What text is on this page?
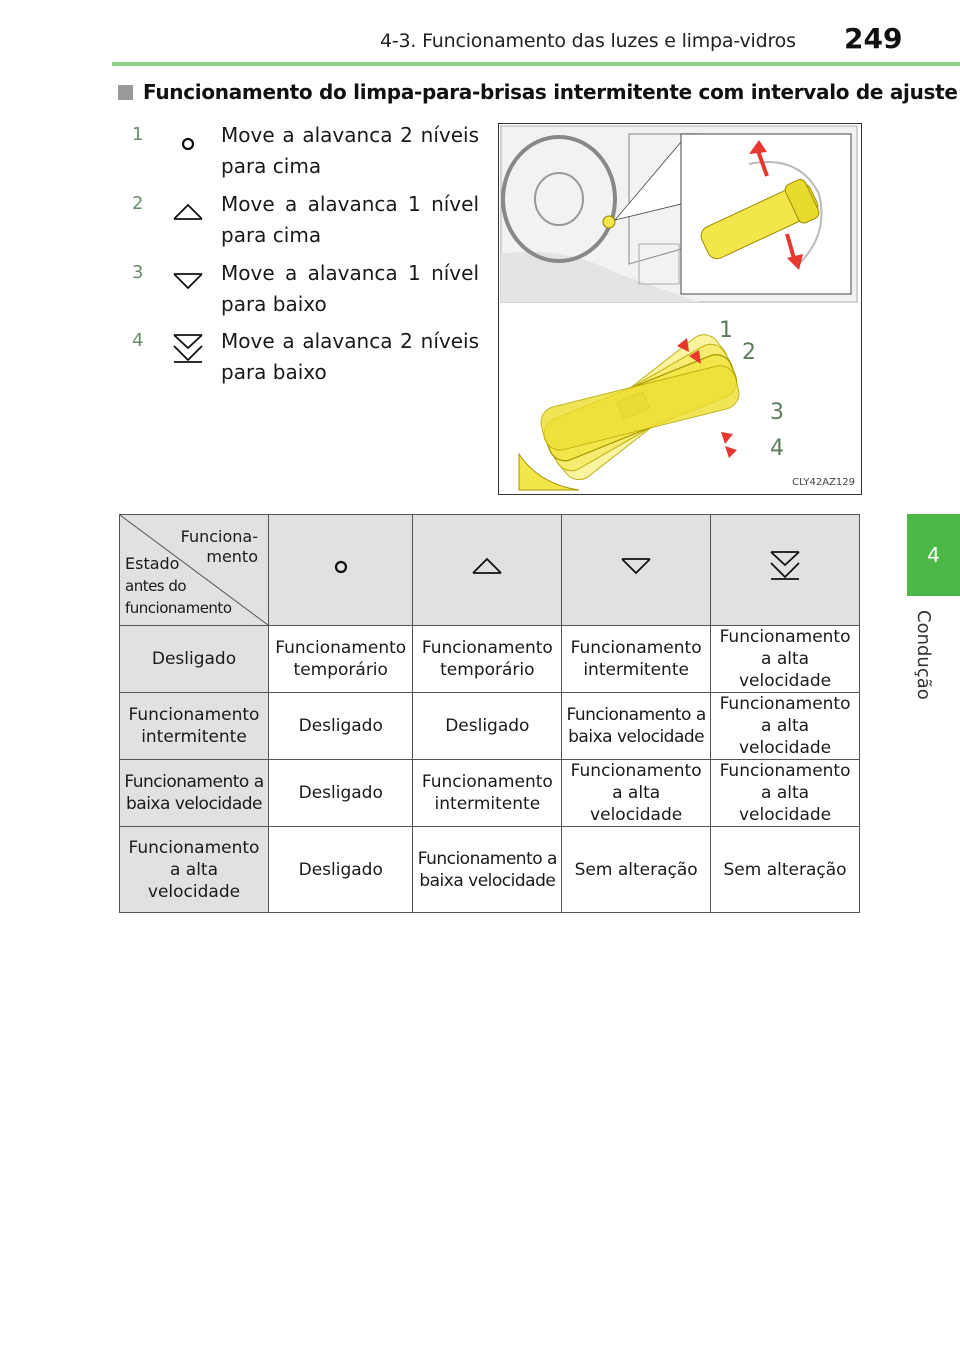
4-3. Funcionamento das luzes e limpa-vidros 249
4
Condução
Funcionamento do limpa-para-brisas intermitente com intervalo de ajuste
1	Move a alavanca 2 níveis para cima
2	Move a alavanca 1 nível para cima
3	Move a alavanca 1 nível para baixo
4	Move a alavanca 2 níveis para baixo
1
2
3
4
CLY42AZ129
Funciona-
mento
Estado
antes do
funcionamento

Desligado	Funcionamento temporário	Funcionamento temporário	Funcionamento intermitente	Funcionamento a alta velocidade
Funcionamento intermitente	Desligado	Desligado	Funcionamento a baixa velocidade	Funcionamento a alta velocidade
Funcionamento a baixa velocidade	Desligado	Funcionamento intermitente	Funcionamento a alta velocidade	Funcionamento a alta velocidade
Funcionamento a alta velocidade	Desligado	Funcionamento a baixa velocidade	Sem alteração	Sem alteração
